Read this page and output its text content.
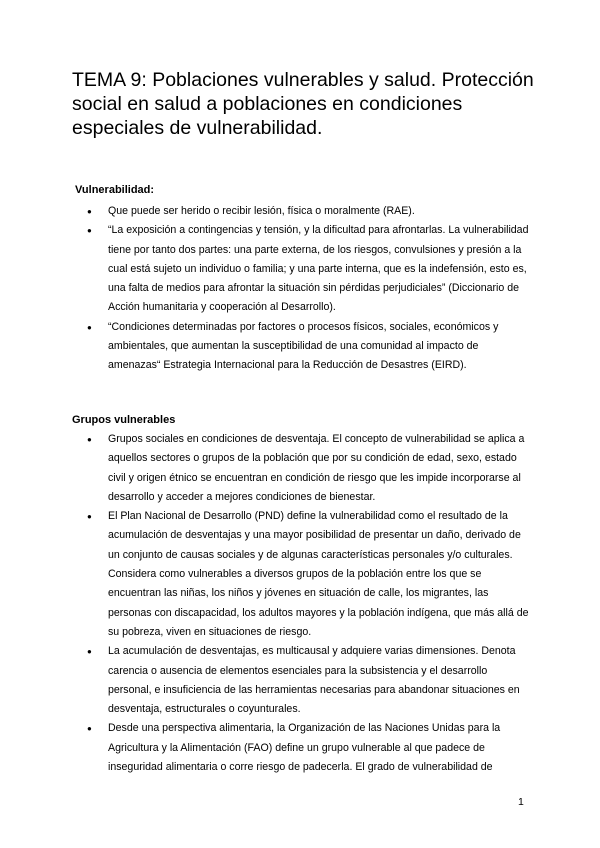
TEMA 9: Poblaciones vulnerables y salud. Protección social en salud a poblaciones en condiciones especiales de vulnerabilidad.
Vulnerabilidad:
● Que puede ser herido o recibir lesión, física o moralmente (RAE).
● “La exposición a contingencias y tensión, y la dificultad para afrontarlas. La vulnerabilidad tiene por tanto dos partes: una parte externa, de los riesgos, convulsiones y presión a la cual está sujeto un individuo o familia; y una parte interna, que es la indefensión, esto es, una falta de medios para afrontar la situación sin pérdidas perjudiciales” (Diccionario de Acción humanitaria y cooperación al Desarrollo).
● “Condiciones determinadas por factores o procesos físicos, sociales, económicos y ambientales, que aumentan la susceptibilidad de una comunidad al impacto de amenazas“ Estrategia Internacional para la Reducción de Desastres (EIRD).
Grupos vulnerables
● Grupos sociales en condiciones de desventaja. El concepto de vulnerabilidad se aplica a aquellos sectores o grupos de la población que por su condición de edad, sexo, estado civil y origen étnico se encuentran en condición de riesgo que les impide incorporarse al desarrollo y acceder a mejores condiciones de bienestar.
● El Plan Nacional de Desarrollo (PND) define la vulnerabilidad como el resultado de la acumulación de desventajas y una mayor posibilidad de presentar un daño, derivado de un conjunto de causas sociales y de algunas características personales y/o culturales. Considera como vulnerables a diversos grupos de la población entre los que se encuentran las niñas, los niños y jóvenes en situación de calle, los migrantes, las personas con discapacidad, los adultos mayores y la población indígena, que más allá de su pobreza, viven en situaciones de riesgo.
● La acumulación de desventajas, es multicausal y adquiere varias dimensiones. Denota carencia o ausencia de elementos esenciales para la subsistencia y el desarrollo personal, e insuficiencia de las herramientas necesarias para abandonar situaciones en desventaja, estructurales o coyunturales.
● Desde una perspectiva alimentaria, la Organización de las Naciones Unidas para la Agricultura y la Alimentación (FAO) define un grupo vulnerable al que padece de inseguridad alimentaria o corre riesgo de padecerla. El grado de vulnerabilidad de
1
